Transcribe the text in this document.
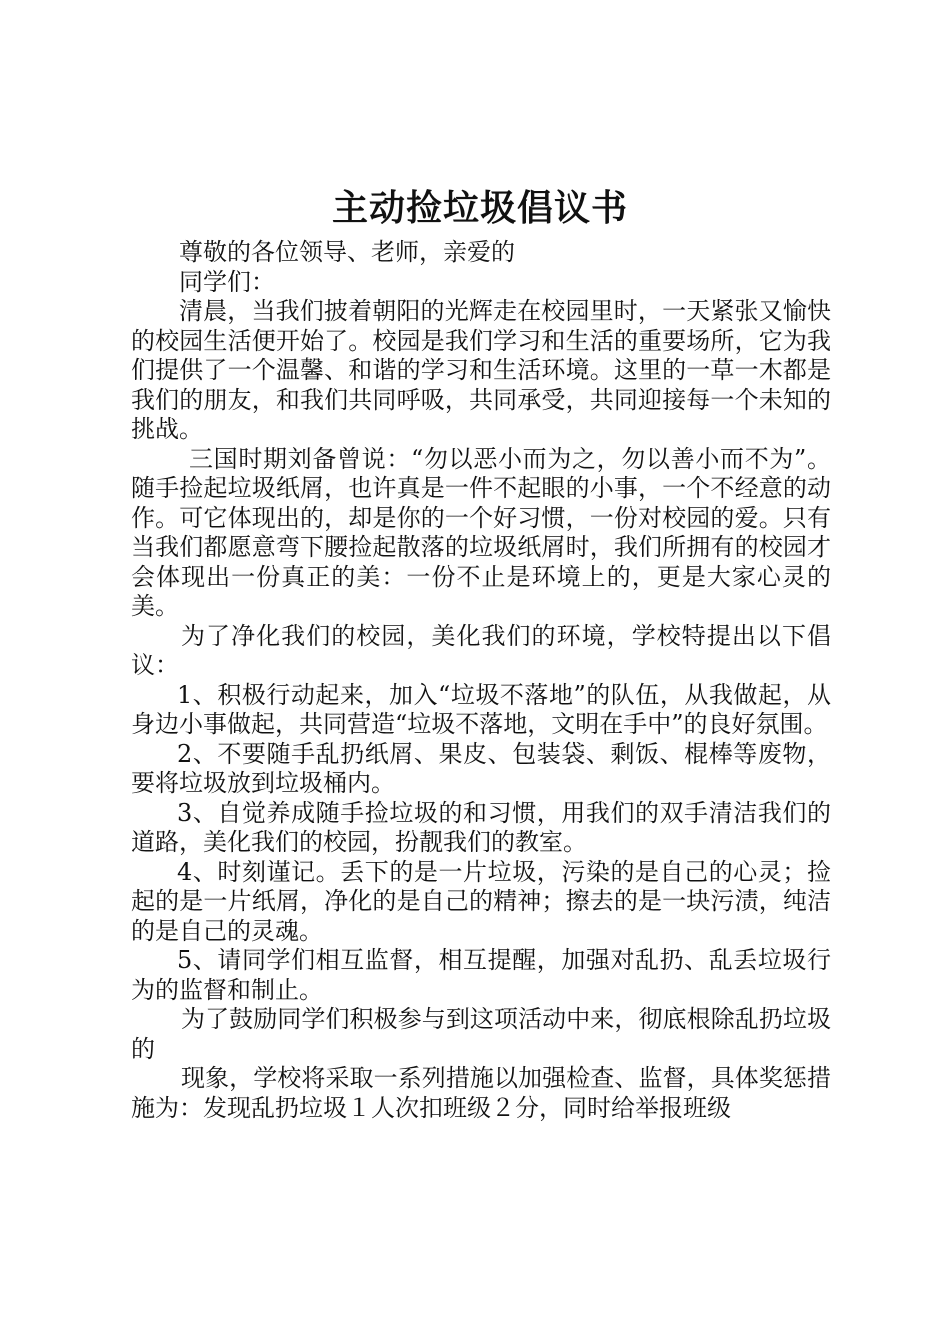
主动捡垃圾倡议书

尊敬的各位领导、老师，亲爱的

同学们：

清晨，当我们披着朝阳的光辉走在校园里时，一天紧张又愉快的校园生活便开始了。校园是我们学习和生活的重要场所，它为我们提供了一个温馨、和谐的学习和生活环境。这里的一草一木都是我们的朋友，和我们共同呼吸，共同承受，共同迎接每一个未知的挑战。

三国时期刘备曾说：“勿以恶小而为之，勿以善小而不为”。随手捡起垃圾纸屑，也许真是一件不起眼的小事，一个不经意的动作。可它体现出的，却是你的一个好习惯，一份对校园的爱。只有当我们都愿意弯下腰捡起散落的垃圾纸屑时，我们所拥有的校园才会体现出一份真正的美：一份不止是环境上的，更是大家心灵的美。

为了净化我们的校园，美化我们的环境，学校特提出以下倡议：

1、积极行动起来，加入“垃圾不落地”的队伍，从我做起，从身边小事做起，共同营造“垃圾不落地，文明在手中”的良好氛围。

2、不要随手乱扔纸屑、果皮、包装袋、剩饭、棍棒等废物，要将垃圾放到垃圾桶内。

3、自觉养成随手捡垃圾的和习惯，用我们的双手清洁我们的道路，美化我们的校园，扮靓我们的教室。

4、时刻谨记。丢下的是一片垃圾，污染的是自己的心灵；捡起的是一片纸屑，净化的是自己的精神；擦去的是一块污渍，纯洁的是自己的灵魂。

5、请同学们相互监督，相互提醒，加强对乱扔、乱丢垃圾行为的监督和制止。

为了鼓励同学们积极参与到这项活动中来，彻底根除乱扔垃圾的

现象，学校将采取一系列措施以加强检查、监督，具体奖惩措施为：发现乱扔垃圾１人次扣班级２分，同时给举报班级
